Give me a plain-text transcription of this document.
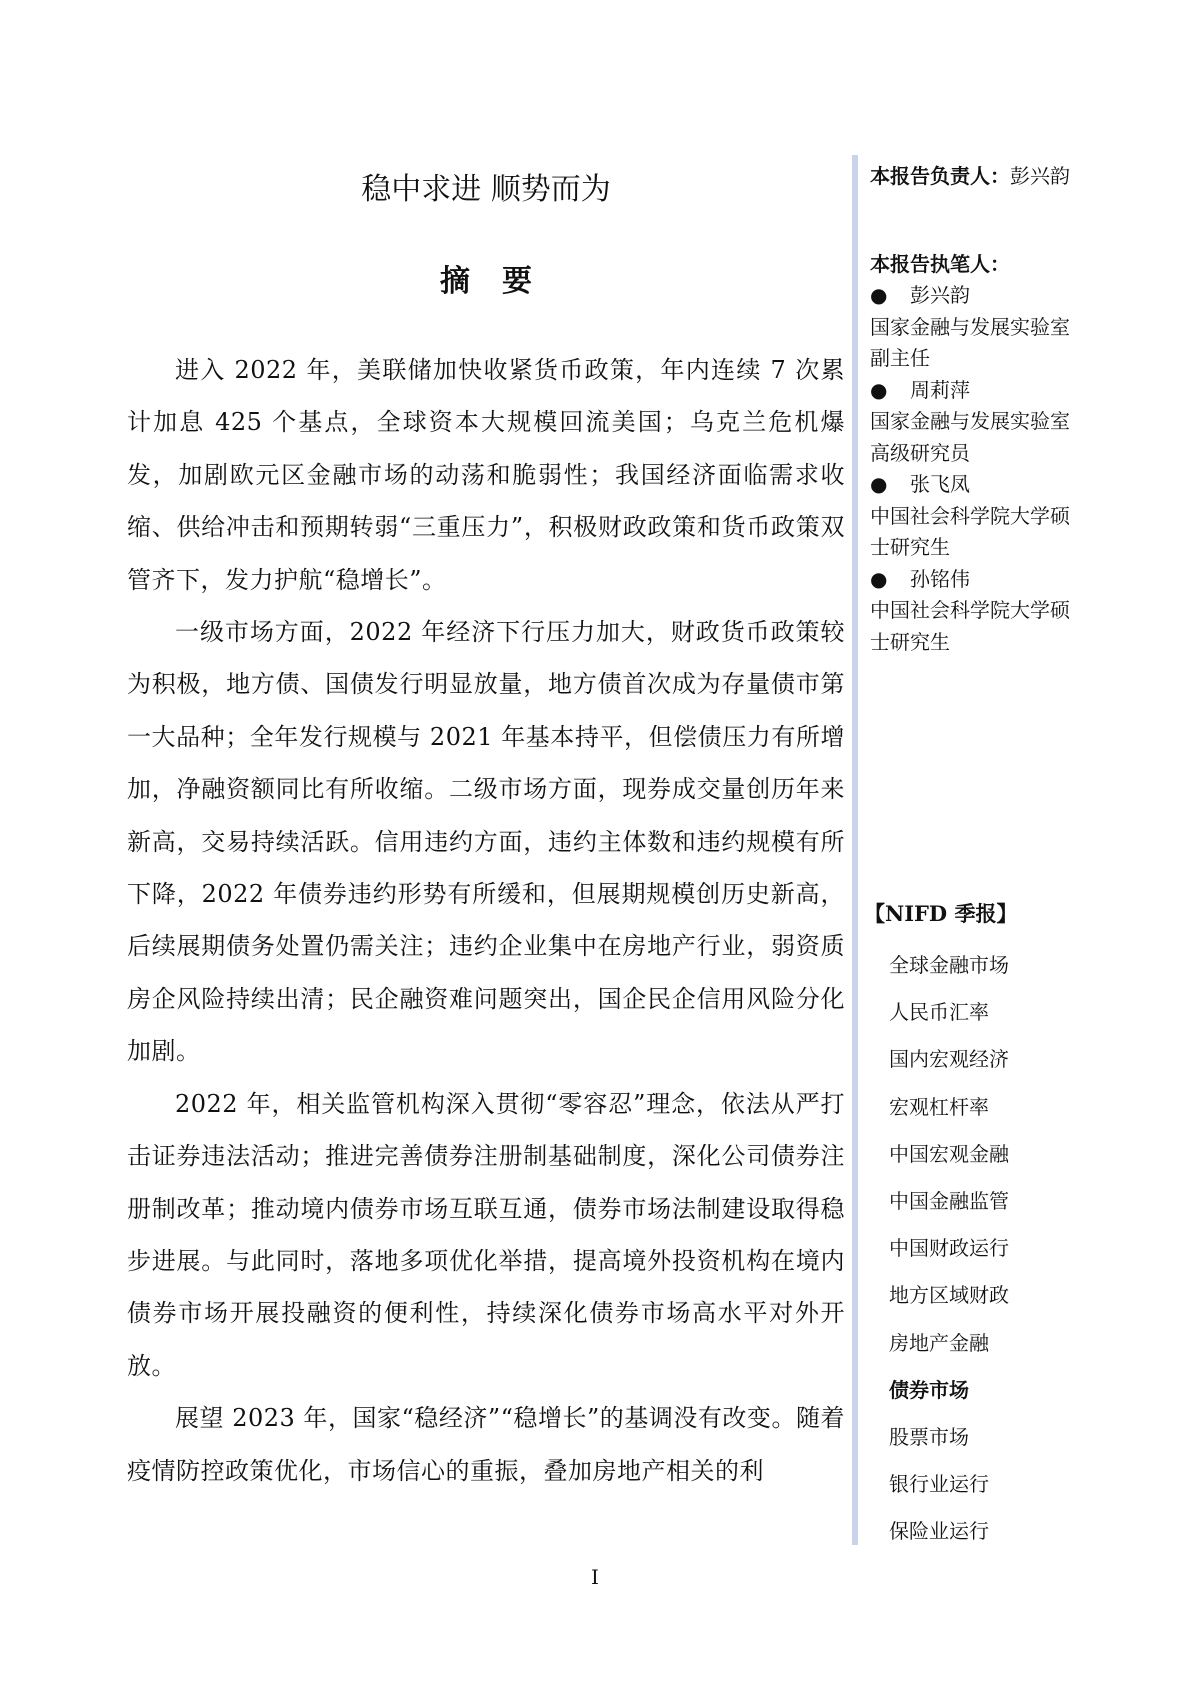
稳中求进 顺势而为
摘要

进入 2022 年，美联储加快收紧货币政策，年内连续 7 次累计加息 425 个基点，全球资本大规模回流美国；乌克兰危机爆发，加剧欧元区金融市场的动荡和脆弱性；我国经济面临需求收缩、供给冲击和预期转弱“三重压力”，积极财政政策和货币政策双管齐下，发力护航“稳增长”。

一级市场方面，2022 年经济下行压力加大，财政货币政策较为积极，地方债、国债发行明显放量，地方债首次成为存量债市第一大品种；全年发行规模与 2021 年基本持平，但偿债压力有所增加，净融资额同比有所收缩。二级市场方面，现券成交量创历年来新高，交易持续活跃。信用违约方面，违约主体数和违约规模有所下降，2022 年债券违约形势有所缓和，但展期规模创历史新高，后续展期债务处置仍需关注；违约企业集中在房地产行业，弱资质房企风险持续出清；民企融资难问题突出，国企民企信用风险分化加剧。

2022 年，相关监管机构深入贯彻“零容忍”理念，依法从严打击证券违法活动；推进完善债券注册制基础制度，深化公司债券注册制改革；推动境内债券市场互联互通，债券市场法制建设取得稳步进展。与此同时，落地多项优化举措，提高境外投资机构在境内债券市场开展投融资的便利性，持续深化债券市场高水平对外开放。

展望 2023 年，国家“稳经济”“稳增长”的基调没有改变。随着疫情防控政策优化，市场信心的重振，叠加房地产相关的利

本报告负责人：彭兴韵
本报告执笔人：
● 彭兴韵
国家金融与发展实验室
副主任
● 周莉萍
国家金融与发展实验室
高级研究员
● 张飞凤
中国社会科学院大学硕
士研究生
● 孙铭伟
中国社会科学院大学硕
士研究生
【NIFD 季报】
全球金融市场
人民币汇率
国内宏观经济
宏观杠杆率
中国宏观金融
中国金融监管
中国财政运行
地方区域财政
房地产金融
债券市场
股票市场
银行业运行
保险业运行
I
